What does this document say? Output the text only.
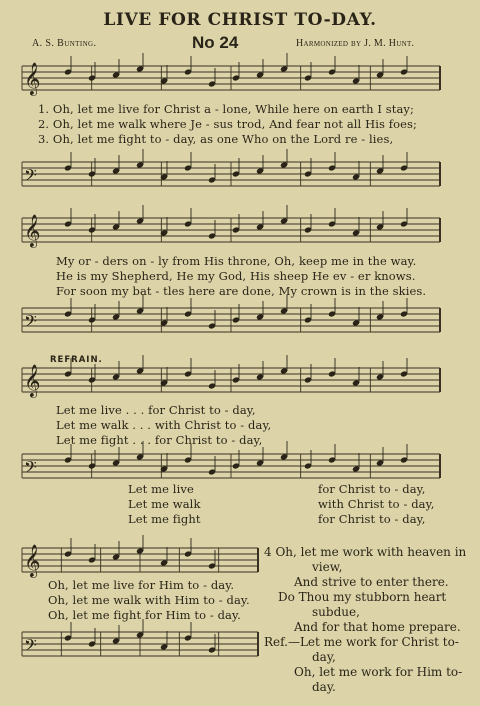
LIVE FOR CHRIST TO-DAY.
A. S. Bunting.	No 24	Harmonized by J. M. Hunt.
𝄞
1. Oh, let me live for Christ a - lone, While here on earth I stay;
2. Oh, let me walk where Je - sus trod, And fear not all His foes;
3. Oh, let me fight to - day, as one Who on the Lord re - lies,
𝄢
𝄞
My or - ders on - ly from His throne, Oh, keep me in the way.
He is my Shepherd, He my God, His sheep He ev - er knows.
For soon my bat - tles here are done, My crown is in the skies.
𝄢
REFRAIN.
𝄞
Let me live . . . for Christ to - day,
Let me walk . . . with Christ to - day,
Let me fight . . . for Christ to - day,
𝄢
Let me live
Let me walk
Let me fight
for Christ to - day,
with Christ to - day,
for Christ to - day,
𝄞
Oh, let me live for Him to - day.
Oh, let me walk with Him to - day.
Oh, let me fight for Him to - day.
𝄢
4 Oh, let me work with heaven in
view,
And strive to enter there.
Do Thou my stubborn heart
subdue,
And for that home prepare.
Ref.—Let me work for Christ to-
day,
Oh, let me work for Him to-
day.
